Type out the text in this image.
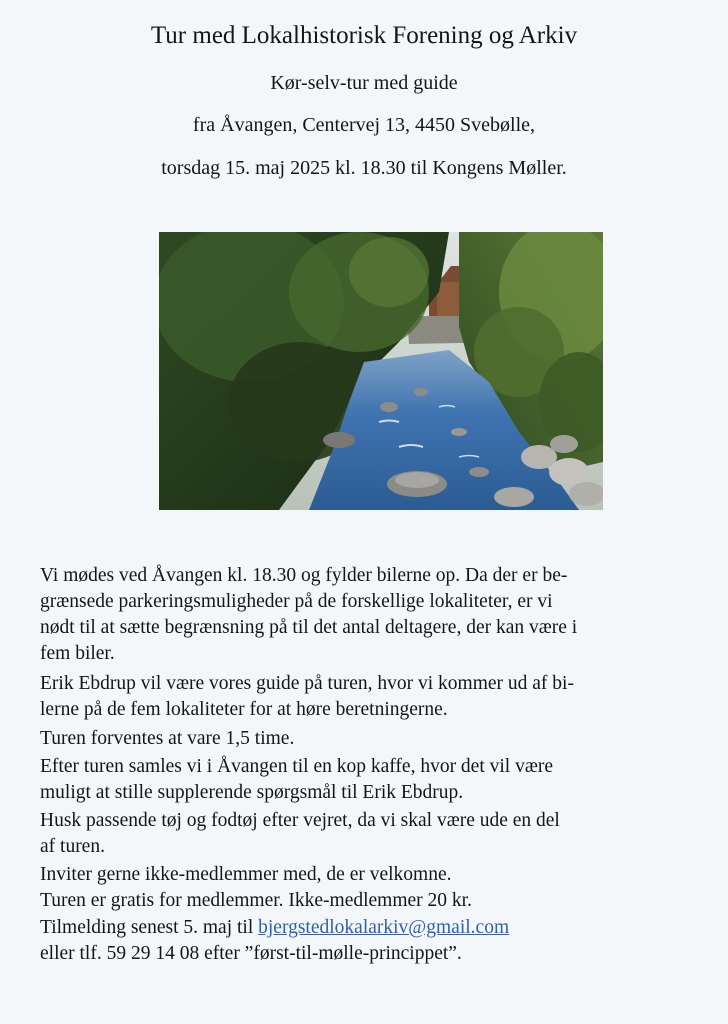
Tur med Lokalhistorisk Forening og Arkiv
Kør-selv-tur med guide
fra Åvangen, Centervej 13, 4450 Svebølle,
torsdag 15. maj 2025 kl. 18.30 til Kongens Møller.
Vi mødes ved Åvangen kl. 18.30 og fylder bilerne op. Da der er be-
grænsede parkeringsmuligheder på de forskellige lokaliteter, er vi
nødt til at sætte begrænsning på til det antal deltagere, der kan være i
fem biler.
Erik Ebdrup vil være vores guide på turen, hvor vi kommer ud af bi-
lerne på de fem lokaliteter for at høre beretningerne.
Turen forventes at vare 1,5 time.
Efter turen samles vi i Åvangen til en kop kaffe, hvor det vil være
muligt at stille supplerende spørgsmål til Erik Ebdrup.
Husk passende tøj og fodtøj efter vejret, da vi skal være ude en del
af turen.
Inviter gerne ikke-medlemmer med, de er velkomne.
Turen er gratis for medlemmer. Ikke-medlemmer 20 kr.
Tilmelding senest 5. maj til bjergstedlokalarkiv@gmail.com
eller tlf. 59 29 14 08 efter ”først-til-mølle-princippet”.
